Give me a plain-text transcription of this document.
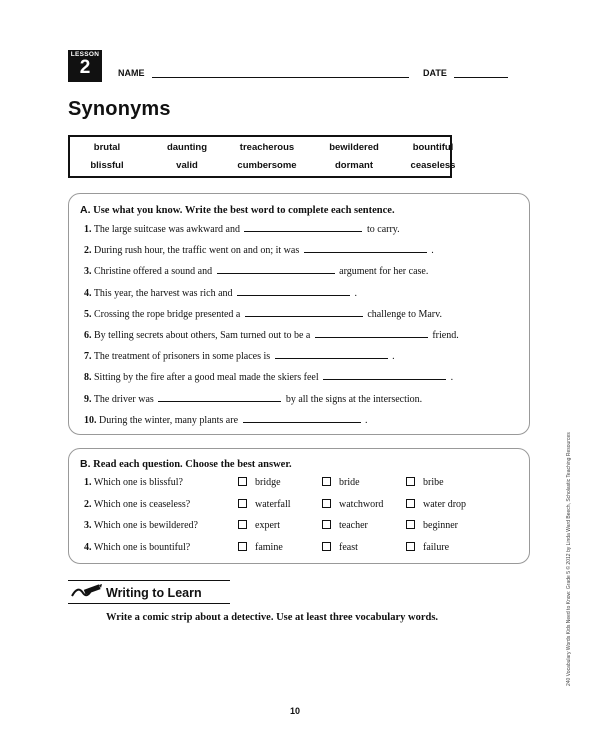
LESSON
2	NAME	DATE
Synonyms
brutal	daunting	treacherous	bewildered	bountiful
blissful	valid	cumbersome	dormant	ceaseless
A. Use what you know. Write the best word to complete each sentence.
1. The large suitcase was awkward and	to carry.
2. During rush hour, the traffic went on and on; it was	.
3. Christine offered a sound and	argument for her case.
4. This year, the harvest was rich and	.
5. Crossing the rope bridge presented a	challenge to Marv.
6. By telling secrets about others, Sam turned out to be a	friend.
7. The treatment of prisoners in some places is	.
8. Sitting by the fire after a good meal made the skiers feel	.
9. The driver was	by all the signs at the intersection.
10. During the winter, many plants are	.
B. Read each question. Choose the best answer.
1. Which one is blissful?	bridge	bride	bribe
2. Which one is ceaseless?	waterfall	watchword	water drop
3. Which one is bewildered?	expert	teacher	beginner
4. Which one is bountiful?	famine	feast	failure
Writing to Learn
Write a comic strip about a detective. Use at least three vocabulary words.
10
240 Vocabulary Words Kids Need to Know: Grade 5 © 2012 by Linda Ward Beech, Scholastic Teaching Resources
